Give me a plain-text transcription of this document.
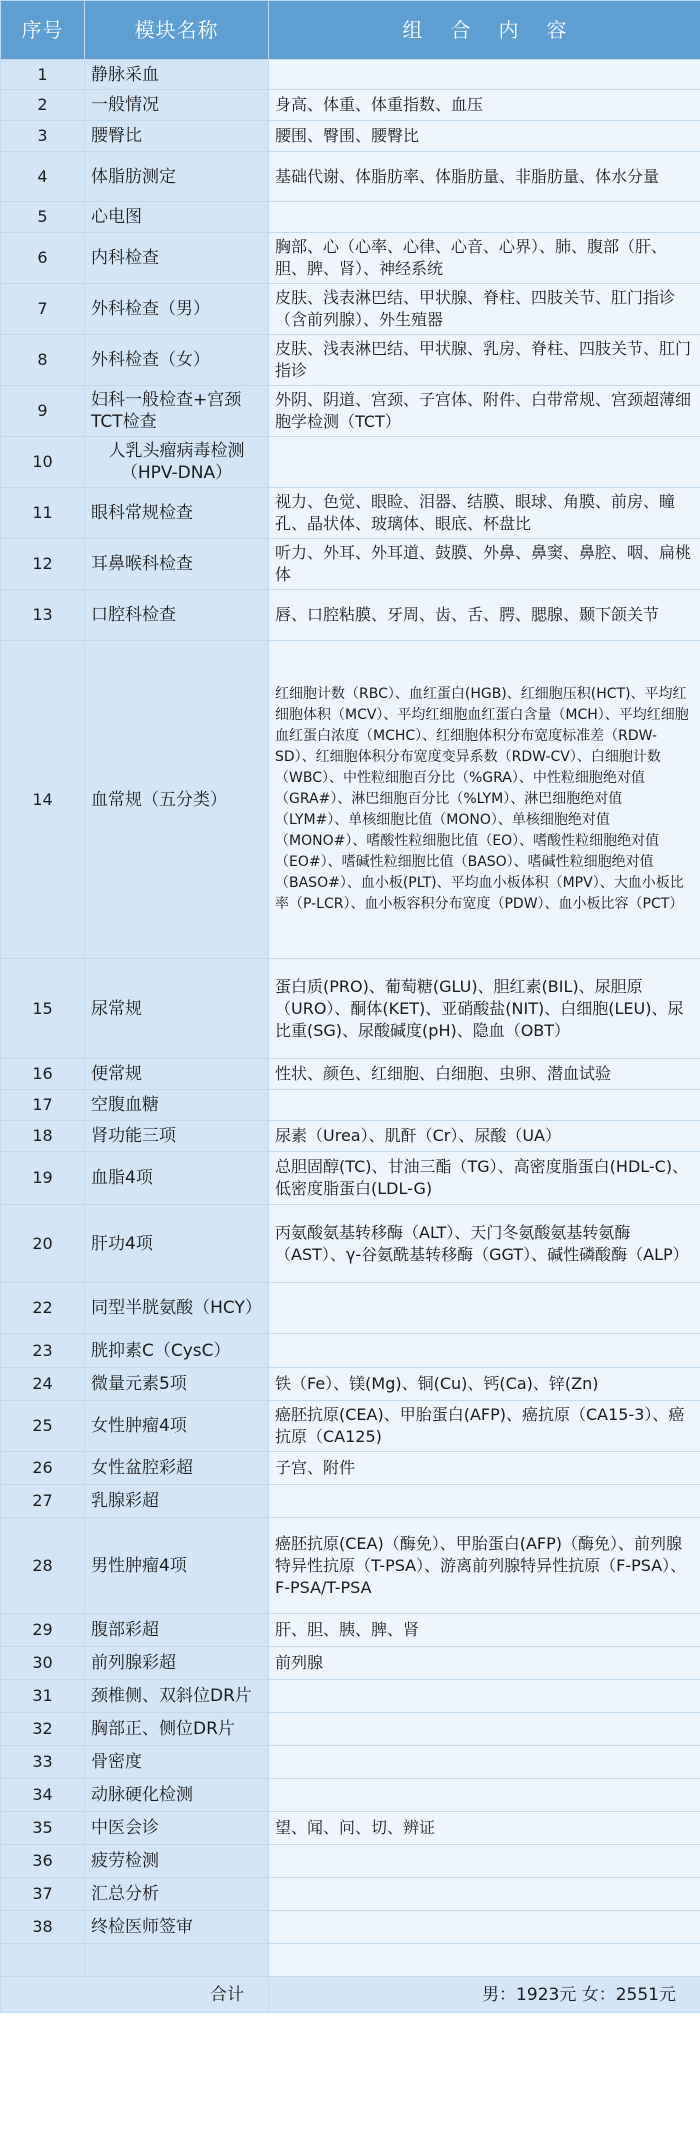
序号	模块名称	组合内容
1	静脉采血	
2	一般情况	身高、体重、体重指数、血压
3	腰臀比	腰围、臀围、腰臀比
4	体脂肪测定	基础代谢、体脂肪率、体脂肪量、非脂肪量、体水分量
5	心电图	
6	内科检查	胸部、心（心率、心律、心音、心界）、肺、腹部（肝、胆、脾、肾）、神经系统
7	外科检查（男）	皮肤、浅表淋巴结、甲状腺、脊柱、四肢关节、肛门指诊（含前列腺）、外生殖器
8	外科检查（女）	皮肤、浅表淋巴结、甲状腺、乳房、脊柱、四肢关节、肛门指诊
9	妇科一般检查+宫颈TCT检查	外阴、阴道、宫颈、子宫体、附件、白带常规、宫颈超薄细胞学检测（TCT）
10	人乳头瘤病毒检测（HPV-DNA）	
11	眼科常规检查	视力、色觉、眼睑、泪器、结膜、眼球、角膜、前房、瞳孔、晶状体、玻璃体、眼底、杯盘比
12	耳鼻喉科检查	听力、外耳、外耳道、鼓膜、外鼻、鼻窦、鼻腔、咽、扁桃体
13	口腔科检查	唇、口腔粘膜、牙周、齿、舌、腭、腮腺、颞下颌关节
14	血常规（五分类）	红细胞计数（RBC）、血红蛋白(HGB)、红细胞压积(HCT)、平均红细胞体积（MCV）、平均红细胞血红蛋白含量（MCH）、平均红细胞血红蛋白浓度（MCHC）、红细胞体积分布宽度标准差（RDW-SD）、红细胞体积分布宽度变异系数（RDW-CV）、白细胞计数（WBC）、中性粒细胞百分比（%GRA）、中性粒细胞绝对值（GRA#）、淋巴细胞百分比（%LYM）、淋巴细胞绝对值（LYM#）、单核细胞比值（MONO）、单核细胞绝对值（MONO#）、嗜酸性粒细胞比值（EO）、嗜酸性粒细胞绝对值（EO#）、嗜碱性粒细胞比值（BASO）、嗜碱性粒细胞绝对值（BASO#）、血小板(PLT)、平均血小板体积（MPV）、大血小板比率（P-LCR）、血小板容积分布宽度（PDW）、血小板比容（PCT）
15	尿常规	蛋白质(PRO)、葡萄糖(GLU)、胆红素(BIL)、尿胆原（URO）、酮体(KET)、亚硝酸盐(NIT)、白细胞(LEU)、尿比重(SG)、尿酸碱度(pH)、隐血（OBT）
16	便常规	性状、颜色、红细胞、白细胞、虫卵、潜血试验
17	空腹血糖	
18	肾功能三项	尿素（Urea）、肌酐（Cr）、尿酸（UA）
19	血脂4项	总胆固醇(TC)、甘油三酯（TG）、高密度脂蛋白(HDL-C)、低密度脂蛋白(LDL-G)
20	肝功4项	丙氨酸氨基转移酶（ALT）、天门冬氨酸氨基转氨酶（AST）、γ-谷氨酰基转移酶（GGT）、碱性磷酸酶（ALP）
22	同型半胱氨酸（HCY）	
23	胱抑素C（CysC）	
24	微量元素5项	铁（Fe）、镁(Mg)、铜(Cu)、钙(Ca)、锌(Zn)
25	女性肿瘤4项	癌胚抗原(CEA)、甲胎蛋白(AFP)、癌抗原（CA15-3）、癌抗原（CA125)
26	女性盆腔彩超	子宫、附件
27	乳腺彩超	
28	男性肿瘤4项	癌胚抗原(CEA)（酶免）、甲胎蛋白(AFP)（酶免）、前列腺特异性抗原（T-PSA）、游离前列腺特异性抗原（F-PSA）、F-PSA/T-PSA
29	腹部彩超	肝、胆、胰、脾、肾
30	前列腺彩超	前列腺
31	颈椎侧、双斜位DR片	
32	胸部正、侧位DR片	
33	骨密度	
34	动脉硬化检测	
35	中医会诊	望、闻、问、切、辨证
36	疲劳检测	
37	汇总分析	
38	终检医师签审	

合计		男：1923元 女：2551元
